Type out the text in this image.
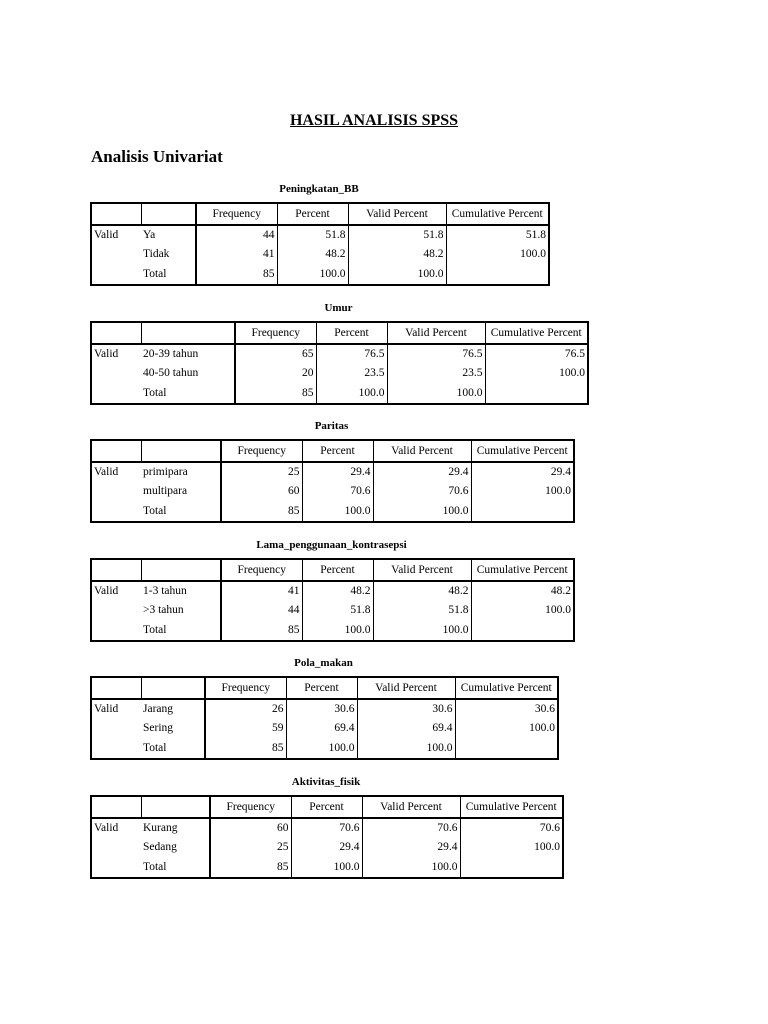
HASIL ANALISIS SPSS
Analisis Univariat
Peningkatan_BB
		Frequency	Percent	Valid Percent	Cumulative Percent
Valid	Ya	44	51.8	51.8	51.8
	Tidak	41	48.2	48.2	100.0
	Total	85	100.0	100.0	
Umur
		Frequency	Percent	Valid Percent	Cumulative Percent
Valid	20-39 tahun	65	76.5	76.5	76.5
	40-50 tahun	20	23.5	23.5	100.0
	Total	85	100.0	100.0	
Paritas
		Frequency	Percent	Valid Percent	Cumulative Percent
Valid	primipara	25	29.4	29.4	29.4
	multipara	60	70.6	70.6	100.0
	Total	85	100.0	100.0	
Lama_penggunaan_kontrasepsi
		Frequency	Percent	Valid Percent	Cumulative Percent
Valid	1-3 tahun	41	48.2	48.2	48.2
	>3 tahun	44	51.8	51.8	100.0
	Total	85	100.0	100.0	
Pola_makan
		Frequency	Percent	Valid Percent	Cumulative Percent
Valid	Jarang	26	30.6	30.6	30.6
	Sering	59	69.4	69.4	100.0
	Total	85	100.0	100.0	
Aktivitas_fisik
		Frequency	Percent	Valid Percent	Cumulative Percent
Valid	Kurang	60	70.6	70.6	70.6
	Sedang	25	29.4	29.4	100.0
	Total	85	100.0	100.0	
